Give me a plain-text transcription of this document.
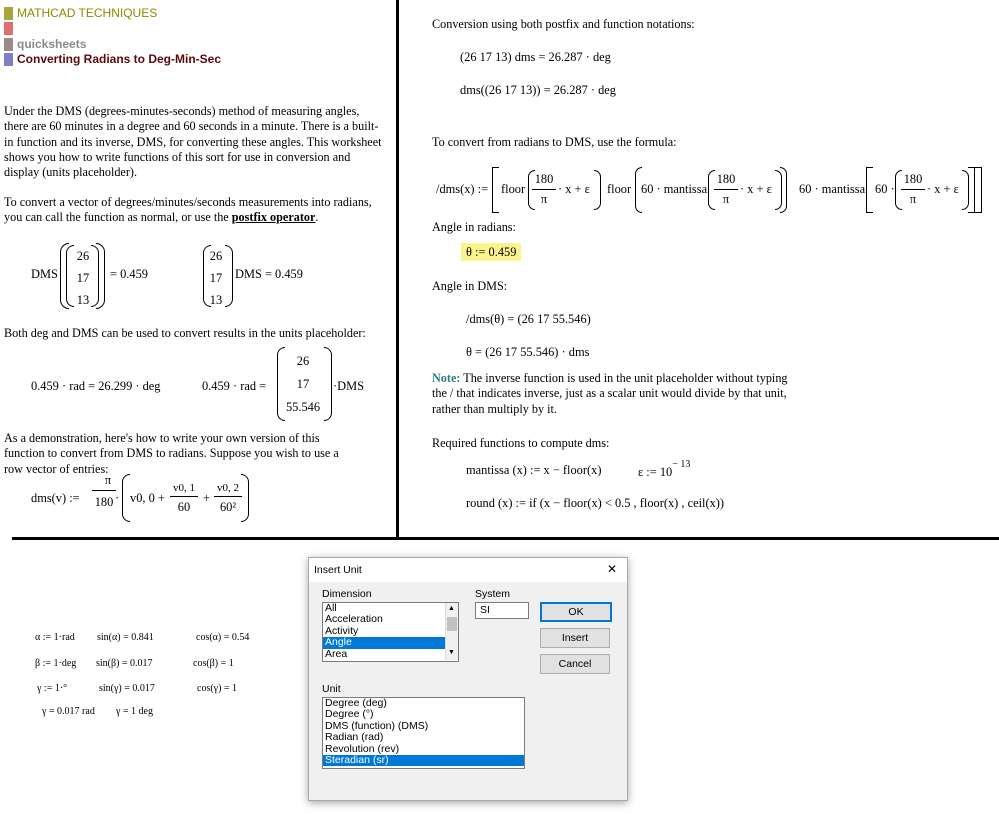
MATHCAD TECHNIQUES
quicksheets
Converting Radians to Deg-Min-Sec
Under the DMS (degrees-minutes-seconds) method of measuring angles, there are 60 minutes in a degree and 60 seconds in a minute. There is a built-in function and its inverse, DMS, for converting these angles. This worksheet shows you how to write functions of this sort for use in conversion and display (units placeholder).
To convert a vector of degrees/minutes/seconds measurements into radians, you can call the function as normal, or use the postfix operator.
DMS
26
17
13
= 0.459
26
17
13
DMS = 0.459
Both deg and DMS can be used to convert results in the units placeholder:
0.459 · rad = 26.299 · deg	0.459 · rad =
26
17
55.546
·DMS
As a demonstration, here's how to write your own version of this function to convert from DMS to radians. Suppose you wish to use a row vector of entries:
dms(v) :=
π
180 · v0, 0 +
v0, 1
60
+
v0, 2
60²
Conversion using both postfix and function notations:
(26 17 13) dms = 26.287 · deg
dms((26 17 13)) = 26.287 · deg
To convert from radians to DMS, use the formula:
/dms(x) := floor
180
π
· x + ε floor 60 · mantissa
180
π
· x + ε 60 · mantissa 60 ·
180
π
· x + ε
Angle in radians:
θ := 0.459
Angle in DMS:
/dms(θ) = (26 17 55.546)
θ = (26 17 55.546) · dms
Note: The inverse function is used in the unit placeholder without typing the / that indicates inverse, just as a scalar unit would divide by that unit, rather than multiply by it.
Required functions to compute dms:
mantissa (x) := x − floor(x)	ε := $10^{- 13}$
round (x) := if (x − floor(x) < 0.5 , floor(x) , ceil(x))
α := 1·rad sin(α) = 0.841	cos(α) = 0.54
β := 1·deg sin(β) = 0.017	cos(β) = 1
γ := 1·°	sin(γ) = 0.017	cos(γ) = 1
γ = 0.017 rad γ = 1 deg
Insert Unit	✕
Dimension
All
Acceleration
Activity
Angle
Area
▲
▼
System
SI	OK
Insert
Cancel
Unit
Degree (deg)
Degree (°)
DMS (function) (DMS)
Radian (rad)
Revolution (rev)
Steradian (sr)
